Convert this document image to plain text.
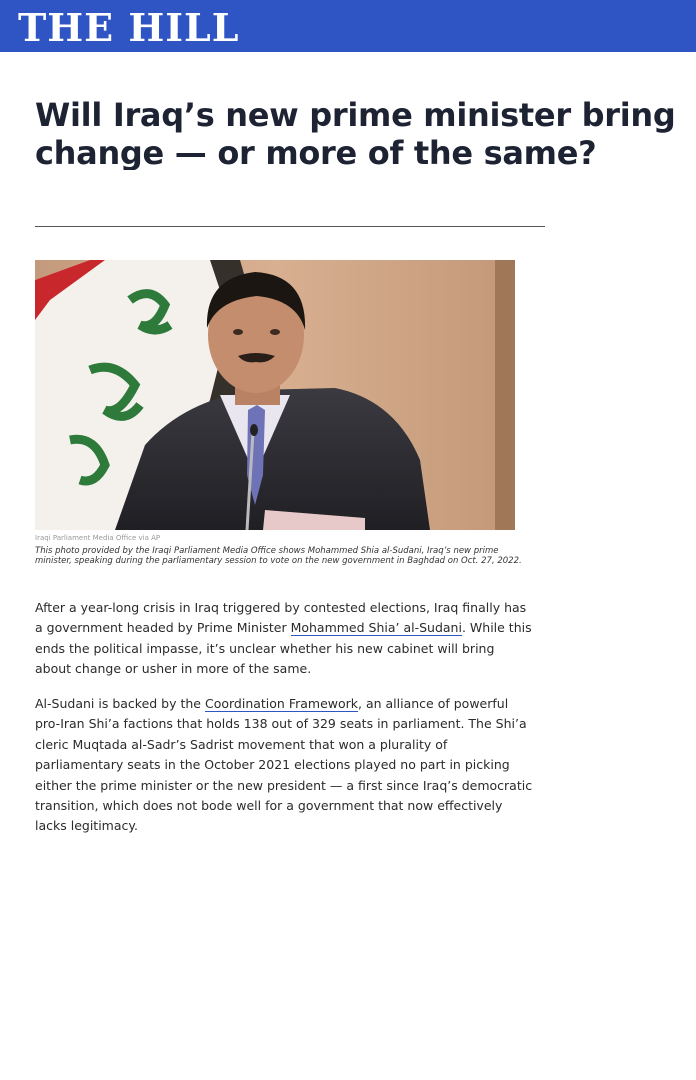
THE HILL
Will Iraq’s new prime minister bring change — or more of the same?
Iraqi Parliament Media Office via AP

This photo provided by the Iraqi Parliament Media Office shows Mohammed Shia al-Sudani, Iraq’s new prime minister, speaking during the parliamentary session to vote on the new government in Baghdad on Oct. 27, 2022.

After a year-long crisis in Iraq triggered by contested elections, Iraq finally has a government headed by Prime Minister Mohammed Shia’ al-Sudani. While this ends the political impasse, it’s unclear whether his new cabinet will bring about change or usher in more of the same.

Al-Sudani is backed by the Coordination Framework, an alliance of powerful pro-Iran Shi’a factions that holds 138 out of 329 seats in parliament. The Shi’a cleric Muqtada al-Sadr’s Sadrist movement that won a plurality of parliamentary seats in the October 2021 elections played no part in picking either the prime minister or the new president — a first since Iraq’s democratic transition, which does not bode well for a government that now effectively lacks legitimacy.
